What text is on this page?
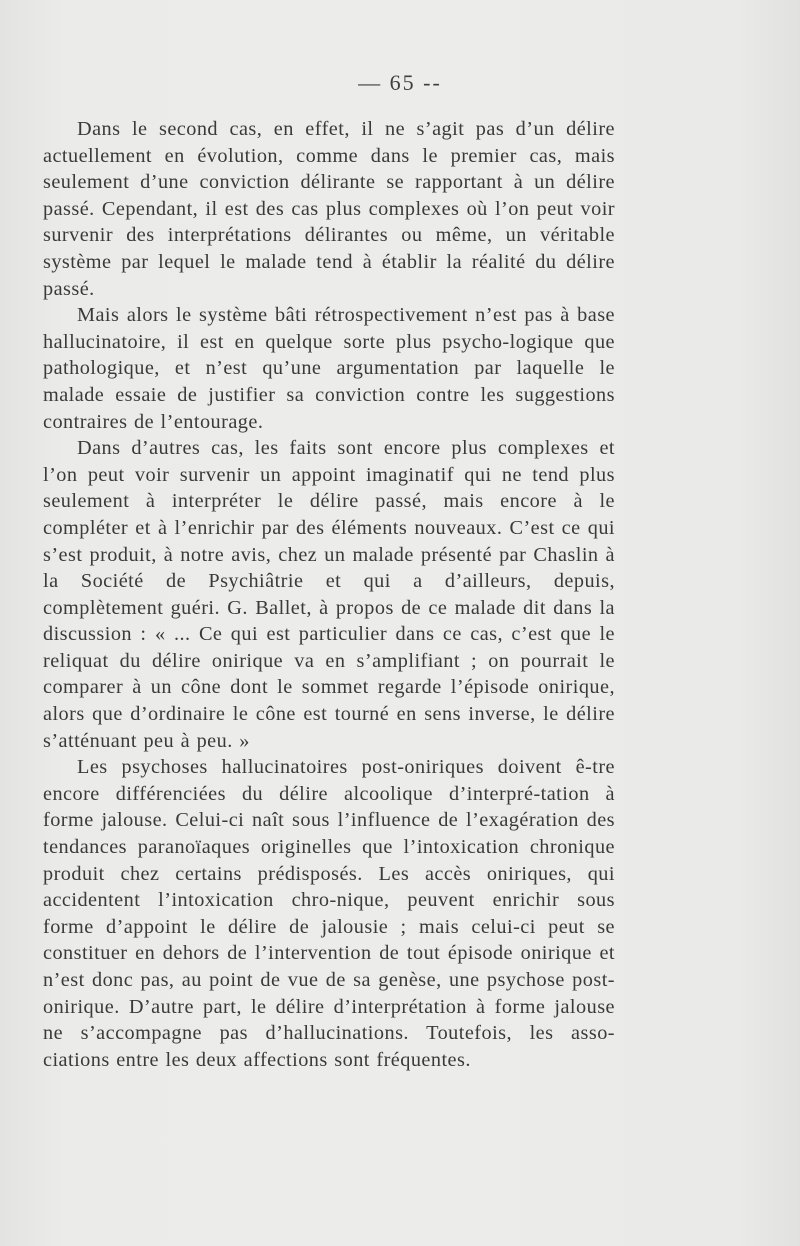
— 65 --

Dans le second cas, en effet, il ne s’agit pas d’un délire actuellement en évolution, comme dans le premier cas, mais seulement d’une conviction délirante se rapportant à un délire passé. Cependant, il est des cas plus complexes où l’on peut voir survenir des interprétations délirantes ou même, un véritable système par lequel le malade tend à établir la réalité du délire passé.

Mais alors le système bâti rétrospectivement n’est pas à base hallucinatoire, il est en quelque sorte plus psycho-logique que pathologique, et n’est qu’une argumentation par laquelle le malade essaie de justifier sa conviction contre les suggestions contraires de l’entourage.

Dans d’autres cas, les faits sont encore plus complexes et l’on peut voir survenir un appoint imaginatif qui ne tend plus seulement à interpréter le délire passé, mais encore à le compléter et à l’enrichir par des éléments nouveaux. C’est ce qui s’est produit, à notre avis, chez un malade présenté par Chaslin à la Société de Psychiâtrie et qui a d’ailleurs, depuis, complètement guéri. G. Ballet, à propos de ce malade dit dans la discussion : « ... Ce qui est particulier dans ce cas, c’est que le reliquat du délire onirique va en s’amplifiant ; on pourrait le comparer à un cône dont le sommet regarde l’épisode onirique, alors que d’ordinaire le cône est tourné en sens inverse, le délire s’atténuant peu à peu. »

Les psychoses hallucinatoires post-oniriques doivent ê-tre encore différenciées du délire alcoolique d’interpré-tation à forme jalouse. Celui-ci naît sous l’influence de l’exagération des tendances paranoïaques originelles que l’intoxication chronique produit chez certains prédisposés. Les accès oniriques, qui accidentent l’intoxication chro-nique, peuvent enrichir sous forme d’appoint le délire de jalousie ; mais celui-ci peut se constituer en dehors de l’intervention de tout épisode onirique et n’est donc pas, au point de vue de sa genèse, une psychose post-onirique. D’autre part, le délire d’interprétation à forme jalouse ne s’accompagne pas d’hallucinations. Toutefois, les asso-ciations entre les deux affections sont fréquentes.
